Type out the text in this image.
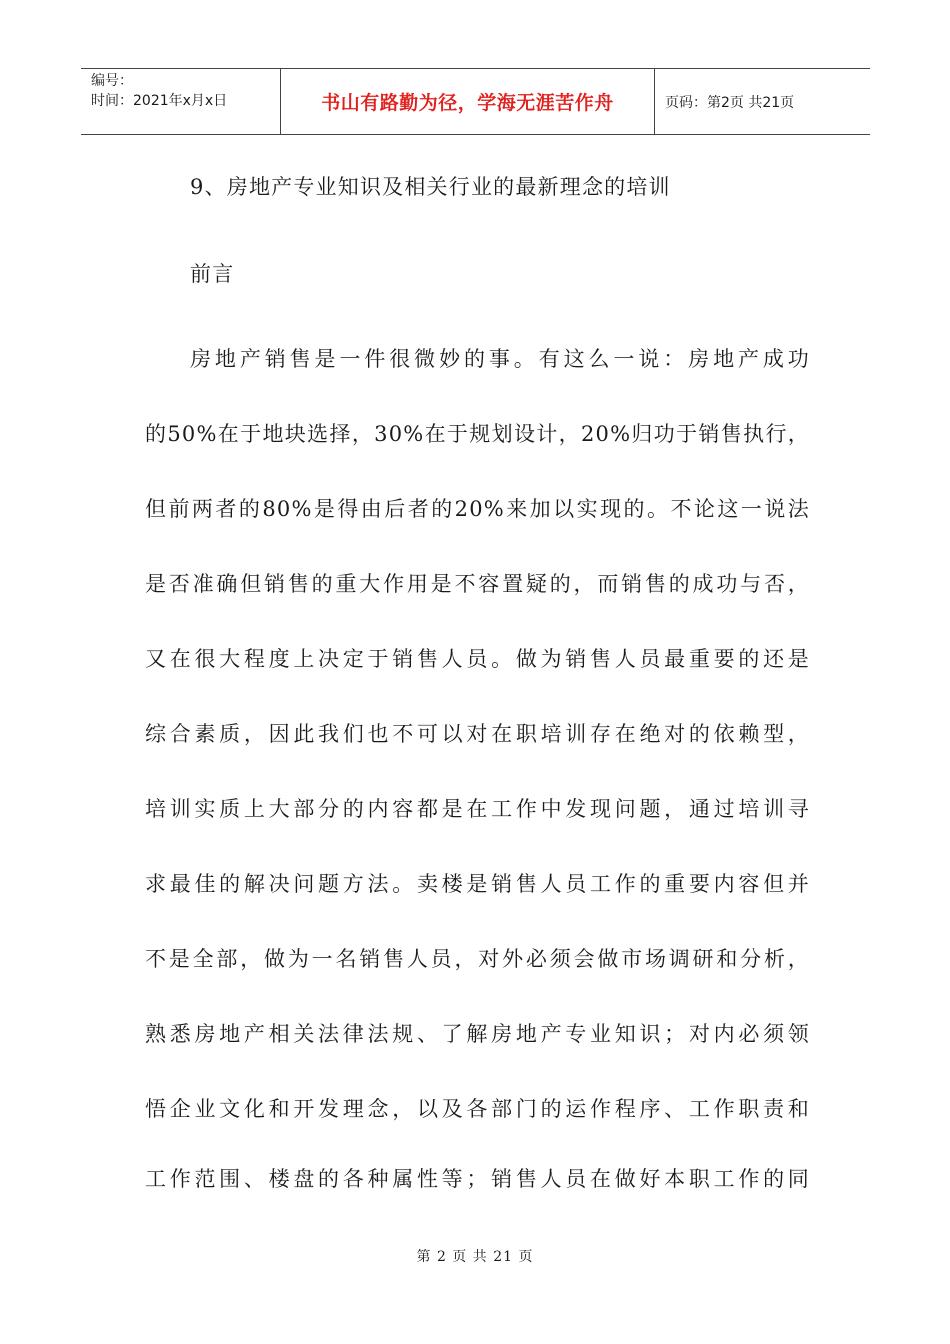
编号：
时间：2021年x月x日	书山有路勤为径，学海无涯苦作舟	页码：第2页 共21页
9、房地产专业知识及相关行业的最新理念的培训
前言
房地产销售是一件很微妙的事。有这么一说：房地产成功
的50%在于地块选择，30%在于规划设计，20%归功于销售执行，
但前两者的80%是得由后者的20%来加以实现的。不论这一说法
是否准确但销售的重大作用是不容置疑的，而销售的成功与否，
又在很大程度上决定于销售人员。做为销售人员最重要的还是
综合素质，因此我们也不可以对在职培训存在绝对的依赖型，
培训实质上大部分的内容都是在工作中发现问题，通过培训寻
求最佳的解决问题方法。卖楼是销售人员工作的重要内容但并
不是全部，做为一名销售人员，对外必须会做市场调研和分析，
熟悉房地产相关法律法规、了解房地产专业知识；对内必须领
悟企业文化和开发理念，以及各部门的运作程序、工作职责和
工作范围、楼盘的各种属性等；销售人员在做好本职工作的同
第 2 页 共 21 页
